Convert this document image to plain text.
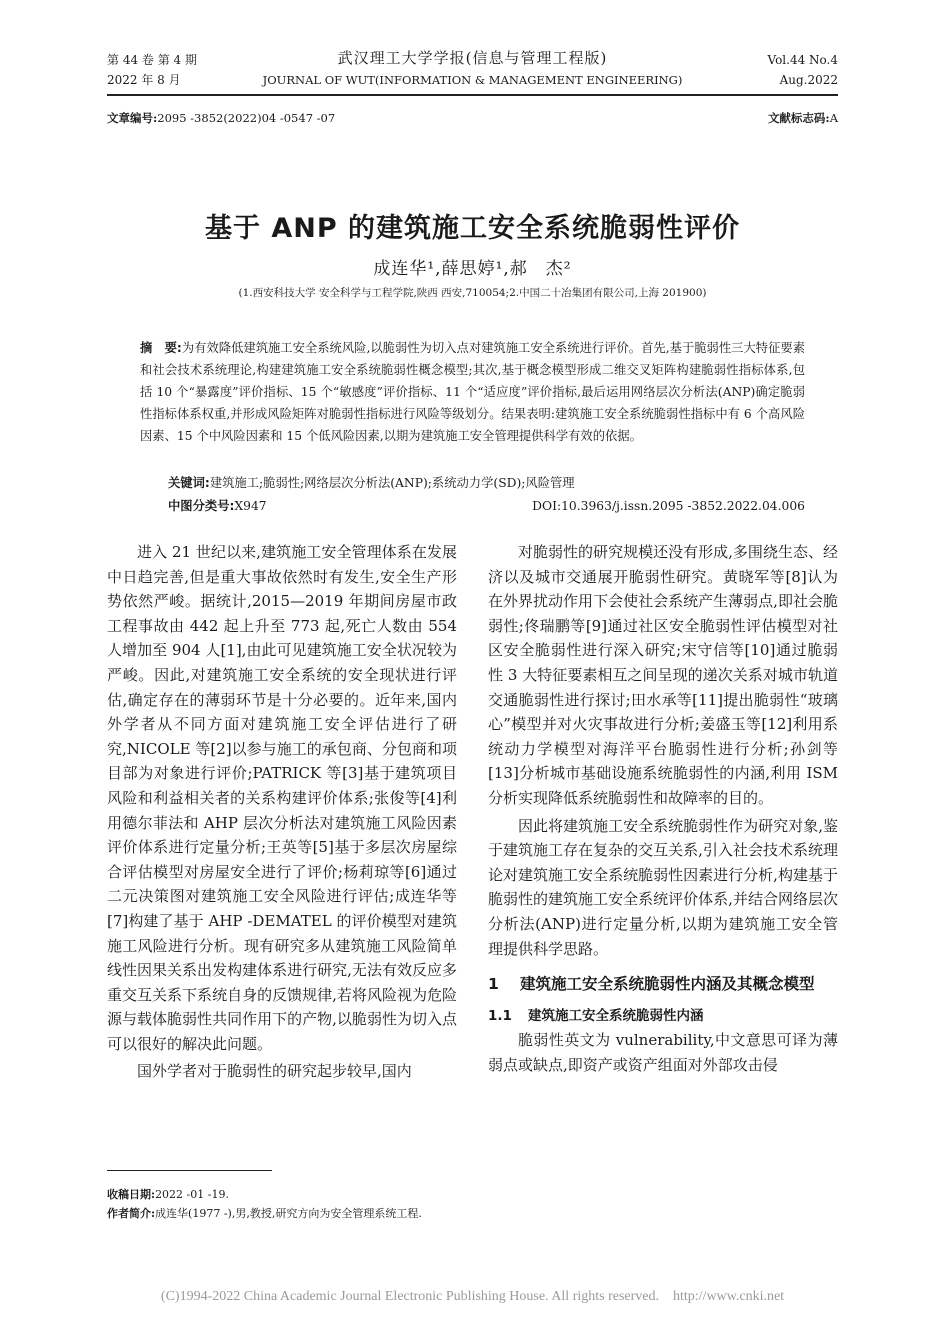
第 44 卷 第 4 期
2022 年 8 月
武汉理工大学学报(信息与管理工程版)
JOURNAL OF WUT(INFORMATION & MANAGEMENT ENGINEERING)
Vol.44 No.4
Aug.2022
文章编号:2095 -3852(2022)04 -0547 -07	文献标志码:A
基于 ANP 的建筑施工安全系统脆弱性评价
成连华¹,薛思婷¹,郝　杰²
(1.西安科技大学 安全科学与工程学院,陕西 西安,710054;2.中国二十冶集团有限公司,上海 201900)
摘　要:为有效降低建筑施工安全系统风险,以脆弱性为切入点对建筑施工安全系统进行评价。首先,基于脆弱性三大特征要素和社会技术系统理论,构建建筑施工安全系统脆弱性概念模型;其次,基于概念模型形成二维交叉矩阵构建脆弱性指标体系,包括 10 个“暴露度”评价指标、15 个“敏感度”评价指标、11 个“适应度”评价指标,最后运用网络层次分析法(ANP)确定脆弱性指标体系权重,并形成风险矩阵对脆弱性指标进行风险等级划分。结果表明:建筑施工安全系统脆弱性指标中有 6 个高风险因素、15 个中风险因素和 15 个低风险因素,以期为建筑施工安全管理提供科学有效的依据。
关键词:建筑施工;脆弱性;网络层次分析法(ANP);系统动力学(SD);风险管理
中图分类号:X947	DOI:10.3963/j.issn.2095 -3852.2022.04.006

进入 21 世纪以来,建筑施工安全管理体系在发展中日趋完善,但是重大事故依然时有发生,安全生产形势依然严峻。据统计,2015—2019 年期间房屋市政工程事故由 442 起上升至 773 起,死亡人数由 554 人增加至 904 人[1],由此可见建筑施工安全状况较为严峻。因此,对建筑施工安全系统的安全现状进行评估,确定存在的薄弱环节是十分必要的。近年来,国内外学者从不同方面对建筑施工安全评估进行了研究,NICOLE 等[2]以参与施工的承包商、分包商和项目部为对象进行评价;PATRICK 等[3]基于建筑项目风险和利益相关者的关系构建评价体系;张俊等[4]利用德尔菲法和 AHP 层次分析法对建筑施工风险因素评价体系进行定量分析;王英等[5]基于多层次房屋综合评估模型对房屋安全进行了评价;杨莉琼等[6]通过二元决策图对建筑施工安全风险进行评估;成连华等[7]构建了基于 AHP -DEMATEL 的评价模型对建筑施工风险进行分析。现有研究多从建筑施工风险简单线性因果关系出发构建体系进行研究,无法有效反应多重交互关系下系统自身的反馈规律,若将风险视为危险源与载体脆弱性共同作用下的产物,以脆弱性为切入点可以很好的解决此问题。

国外学者对于脆弱性的研究起步较早,国内

对脆弱性的研究规模还没有形成,多围绕生态、经济以及城市交通展开脆弱性研究。黄晓军等[8]认为在外界扰动作用下会使社会系统产生薄弱点,即社会脆弱性;佟瑞鹏等[9]通过社区安全脆弱性评估模型对社区安全脆弱性进行深入研究;宋守信等[10]通过脆弱性 3 大特征要素相互之间呈现的递次关系对城市轨道交通脆弱性进行探讨;田水承等[11]提出脆弱性“玻璃心”模型并对火灾事故进行分析;姜盛玉等[12]利用系统动力学模型对海洋平台脆弱性进行分析;孙剑等[13]分析城市基础设施系统脆弱性的内涵,利用 ISM 分析实现降低系统脆弱性和故障率的目的。

因此将建筑施工安全系统脆弱性作为研究对象,鉴于建筑施工存在复杂的交互关系,引入社会技术系统理论对建筑施工安全系统脆弱性因素进行分析,构建基于脆弱性的建筑施工安全系统评价体系,并结合网络层次分析法(ANP)进行定量分析,以期为建筑施工安全管理提供科学思路。

1	建筑施工安全系统脆弱性内涵及其概念模型
1.1 建筑施工安全系统脆弱性内涵

脆弱性英文为 vulnerability,中文意思可译为薄弱点或缺点,即资产或资产组面对外部攻击侵

收稿日期:2022 -01 -19.
作者简介:成连华(1977 -),男,教授,研究方向为安全管理系统工程.
(C)1994-2022 China Academic Journal Electronic Publishing House. All rights reserved.    http://www.cnki.net
